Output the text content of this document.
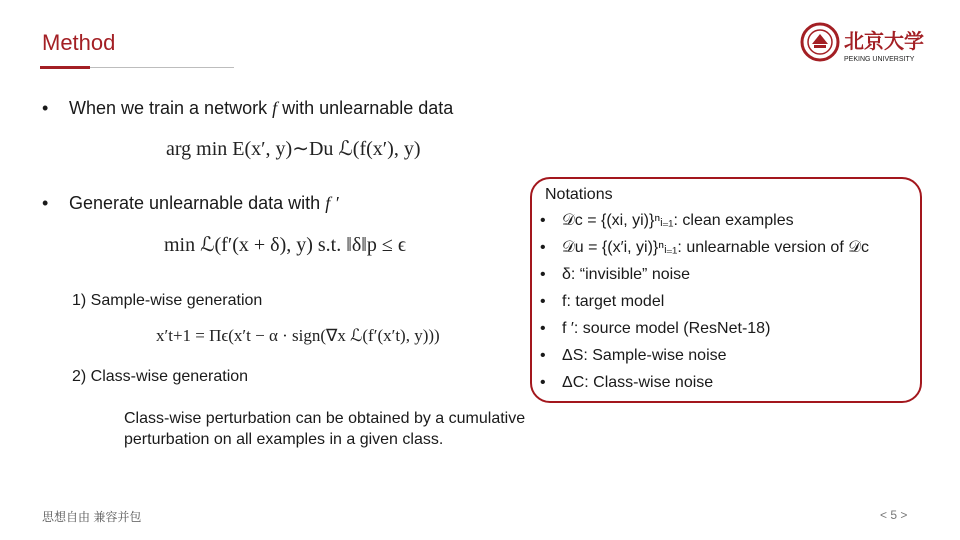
Method	北京大学
PEKING UNIVERSITY
• When we train a network f with unlearnable data
arg min E(x′, y)∼Du ℒ(f(x′), y)
• Generate unlearnable data with f ′
min ℒ(f′(x + δ), y) s.t. ‖δ‖p ≤ ϵ
1) Sample-wise generation
x′t+1 = Πϵ(x′t − α · sign(∇x ℒ(f′(x′t), y)))
2) Class-wise generation
Class-wise perturbation can be obtained by a cumulative perturbation on all examples in a given class.
Notations
• 𝒟c = {(xi, yi)}ⁿᵢ₌₁: clean examples
• 𝒟u = {(x′i, yi)}ⁿᵢ₌₁: unlearnable version of 𝒟c
• δ: “invisible” noise
• f: target model
• f ′: source model (ResNet-18)
• ΔS: Sample-wise noise
• ΔC: Class-wise noise
思想自由 兼容并包	< 5 >
